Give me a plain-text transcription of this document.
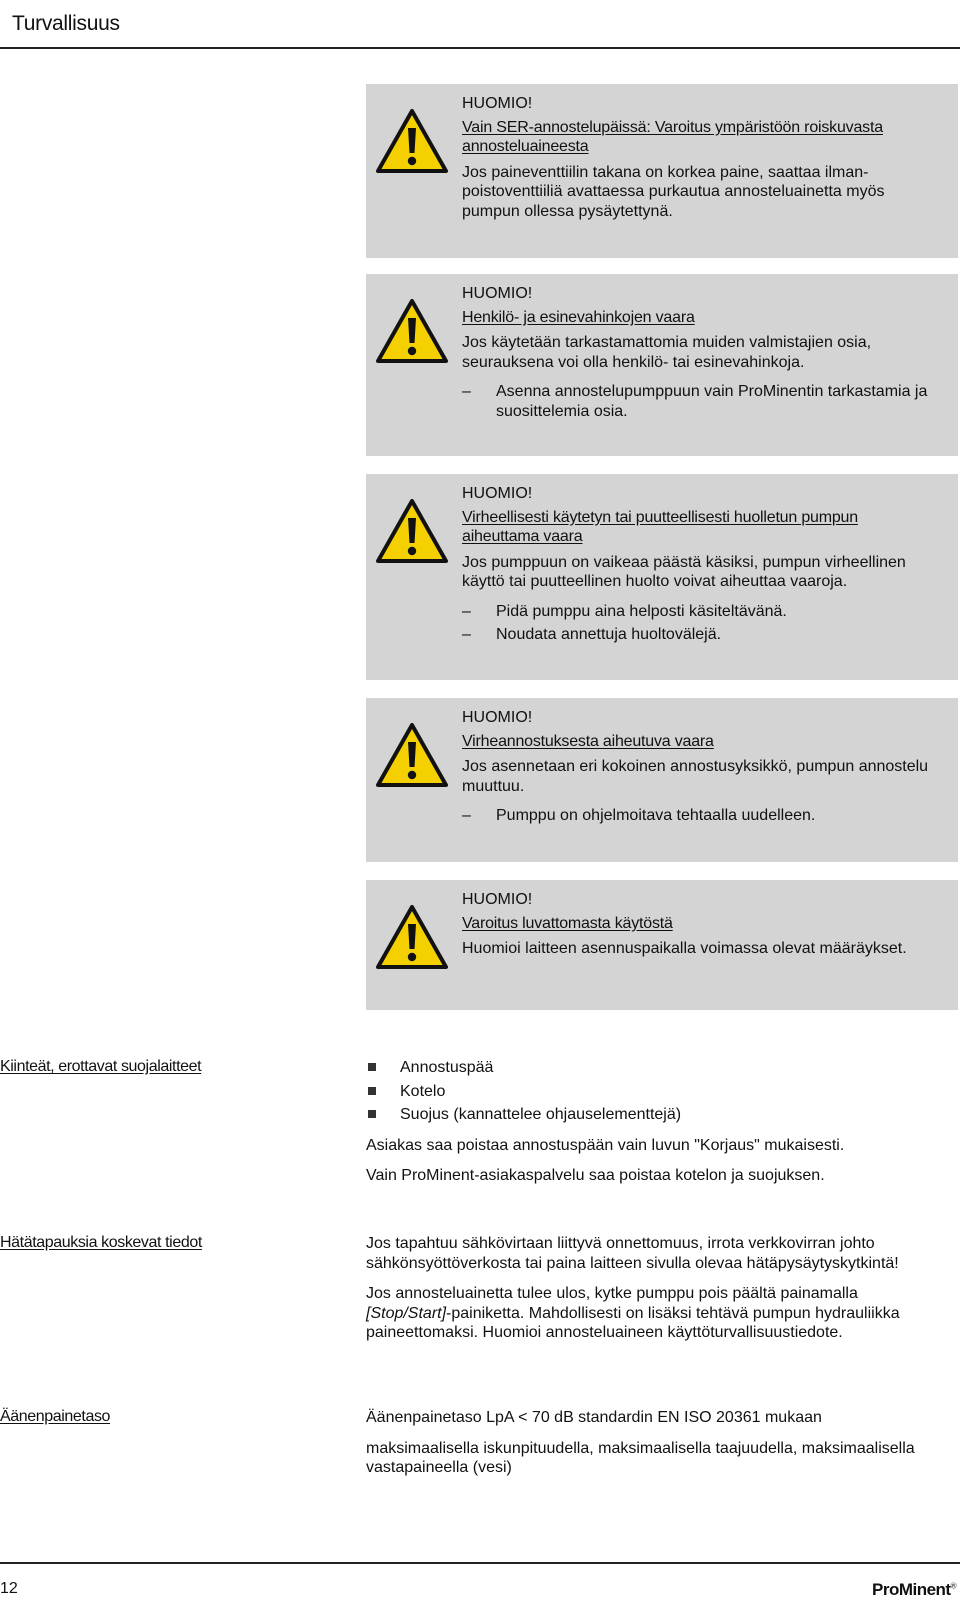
Turvallisuus
HUOMIO!
Vain SER-annostelupäissä: Varoitus ympäristöön roiskuvasta annosteluaineesta
Jos paineventtiilin takana on korkea paine, saattaa ilmanpoistoventtiiliä avattaessa purkautua annosteluainetta myös pumpun ollessa pysäytettynä.
HUOMIO!
Henkilö- ja esinevahinkojen vaara
Jos käytetään tarkastamattomia muiden valmistajien osia, seurauksena voi olla henkilö- tai esinevahinkoja.
– Asenna annostelupumppuun vain ProMinentin tarkastamia ja suosittelemia osia.
HUOMIO!
Virheellisesti käytetyn tai puutteellisesti huolletun pumpun aiheuttama vaara
Jos pumppuun on vaikeaa päästä käsiksi, pumpun virheellinen käyttö tai puutteellinen huolto voivat aiheuttaa vaaroja.
– Pidä pumppu aina helposti käsiteltävänä.
– Noudata annettuja huoltovälejä.
HUOMIO!
Virheannostuksesta aiheutuva vaara
Jos asennetaan eri kokoinen annostusyksikkö, pumpun annostelu muuttuu.
– Pumppu on ohjelmoitava tehtaalla uudelleen.
HUOMIO!
Varoitus luvattomasta käytöstä
Huomioi laitteen asennuspaikalla voimassa olevat määräykset.
Kiinteät, erottavat suojalaitteet	Annostuspää
Kotelo
Suojus (kannattelee ohjauselementtejä)

Asiakas saa poistaa annostuspään vain luvun "Korjaus" mukaisesti.

Vain ProMinent-asiakaspalvelu saa poistaa kotelon ja suojuksen.

Hätätapauksia koskevat tiedot	Jos tapahtuu sähkövirtaan liittyvä onnettomuus, irrota verkkovirran johto sähkönsyöttöverkosta tai paina laitteen sivulla olevaa hätäpysäytyskytkintä!

Jos annosteluainetta tulee ulos, kytke pumppu pois päältä painamalla
[Stop/Start]-painiketta. Mahdollisesti on lisäksi tehtävä pumpun hydrauliikka paineettomaksi. Huomioi annosteluaineen käyttöturvallisuustiedote.

Äänenpainetaso	Äänenpainetaso LpA < 70 dB standardin EN ISO 20361 mukaan

maksimaalisella iskunpituudella, maksimaalisella taajuudella, maksimaalisella vastapaineella (vesi)

12	ProMinent®
